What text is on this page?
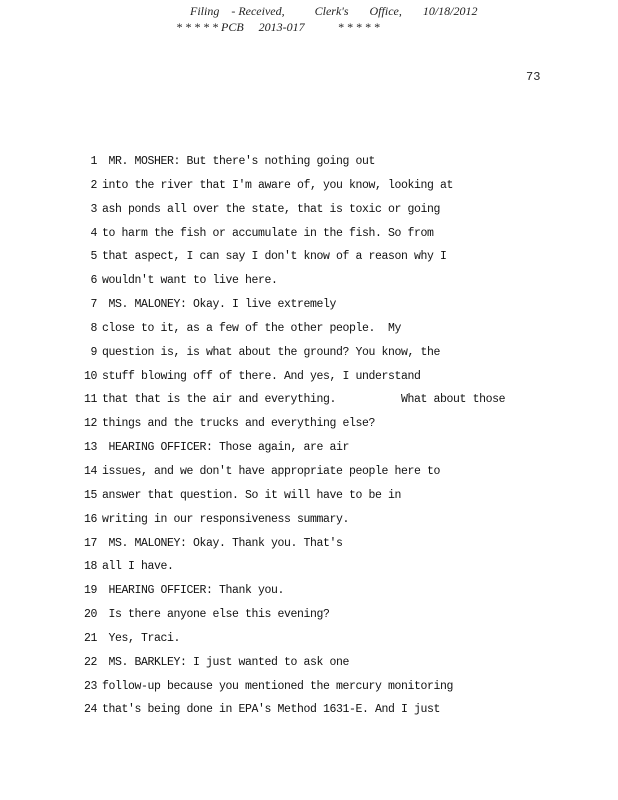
Filing    - Received,          Clerk's       Office,       10/18/2012
* * * * * PCB     2013-017           * * * * *
73
1 MR. MOSHER: But there's nothing going out
2 into the river that I'm aware of, you know, looking at
3 ash ponds all over the state, that is toxic or going
4 to harm the fish or accumulate in the fish. So from
5 that aspect, I can say I don't know of a reason why I
6 wouldn't want to live here.
7 MS. MALONEY: Okay. I live extremely
8 close to it, as a few of the other people.  My
9 question is, is what about the ground? You know, the
10 stuff blowing off of there. And yes, I understand
11 that that is the air and everything.          What about those
12 things and the trucks and everything else?
13 HEARING OFFICER: Those again, are air
14 issues, and we don't have appropriate people here to
15 answer that question. So it will have to be in
16 writing in our responsiveness summary.
17 MS. MALONEY: Okay. Thank you. That's
18 all I have.
19 HEARING OFFICER: Thank you.
20 Is there anyone else this evening?
21 Yes, Traci.
22 MS. BARKLEY: I just wanted to ask one
23 follow-up because you mentioned the mercury monitoring
24 that's being done in EPA's Method 1631-E. And I just
